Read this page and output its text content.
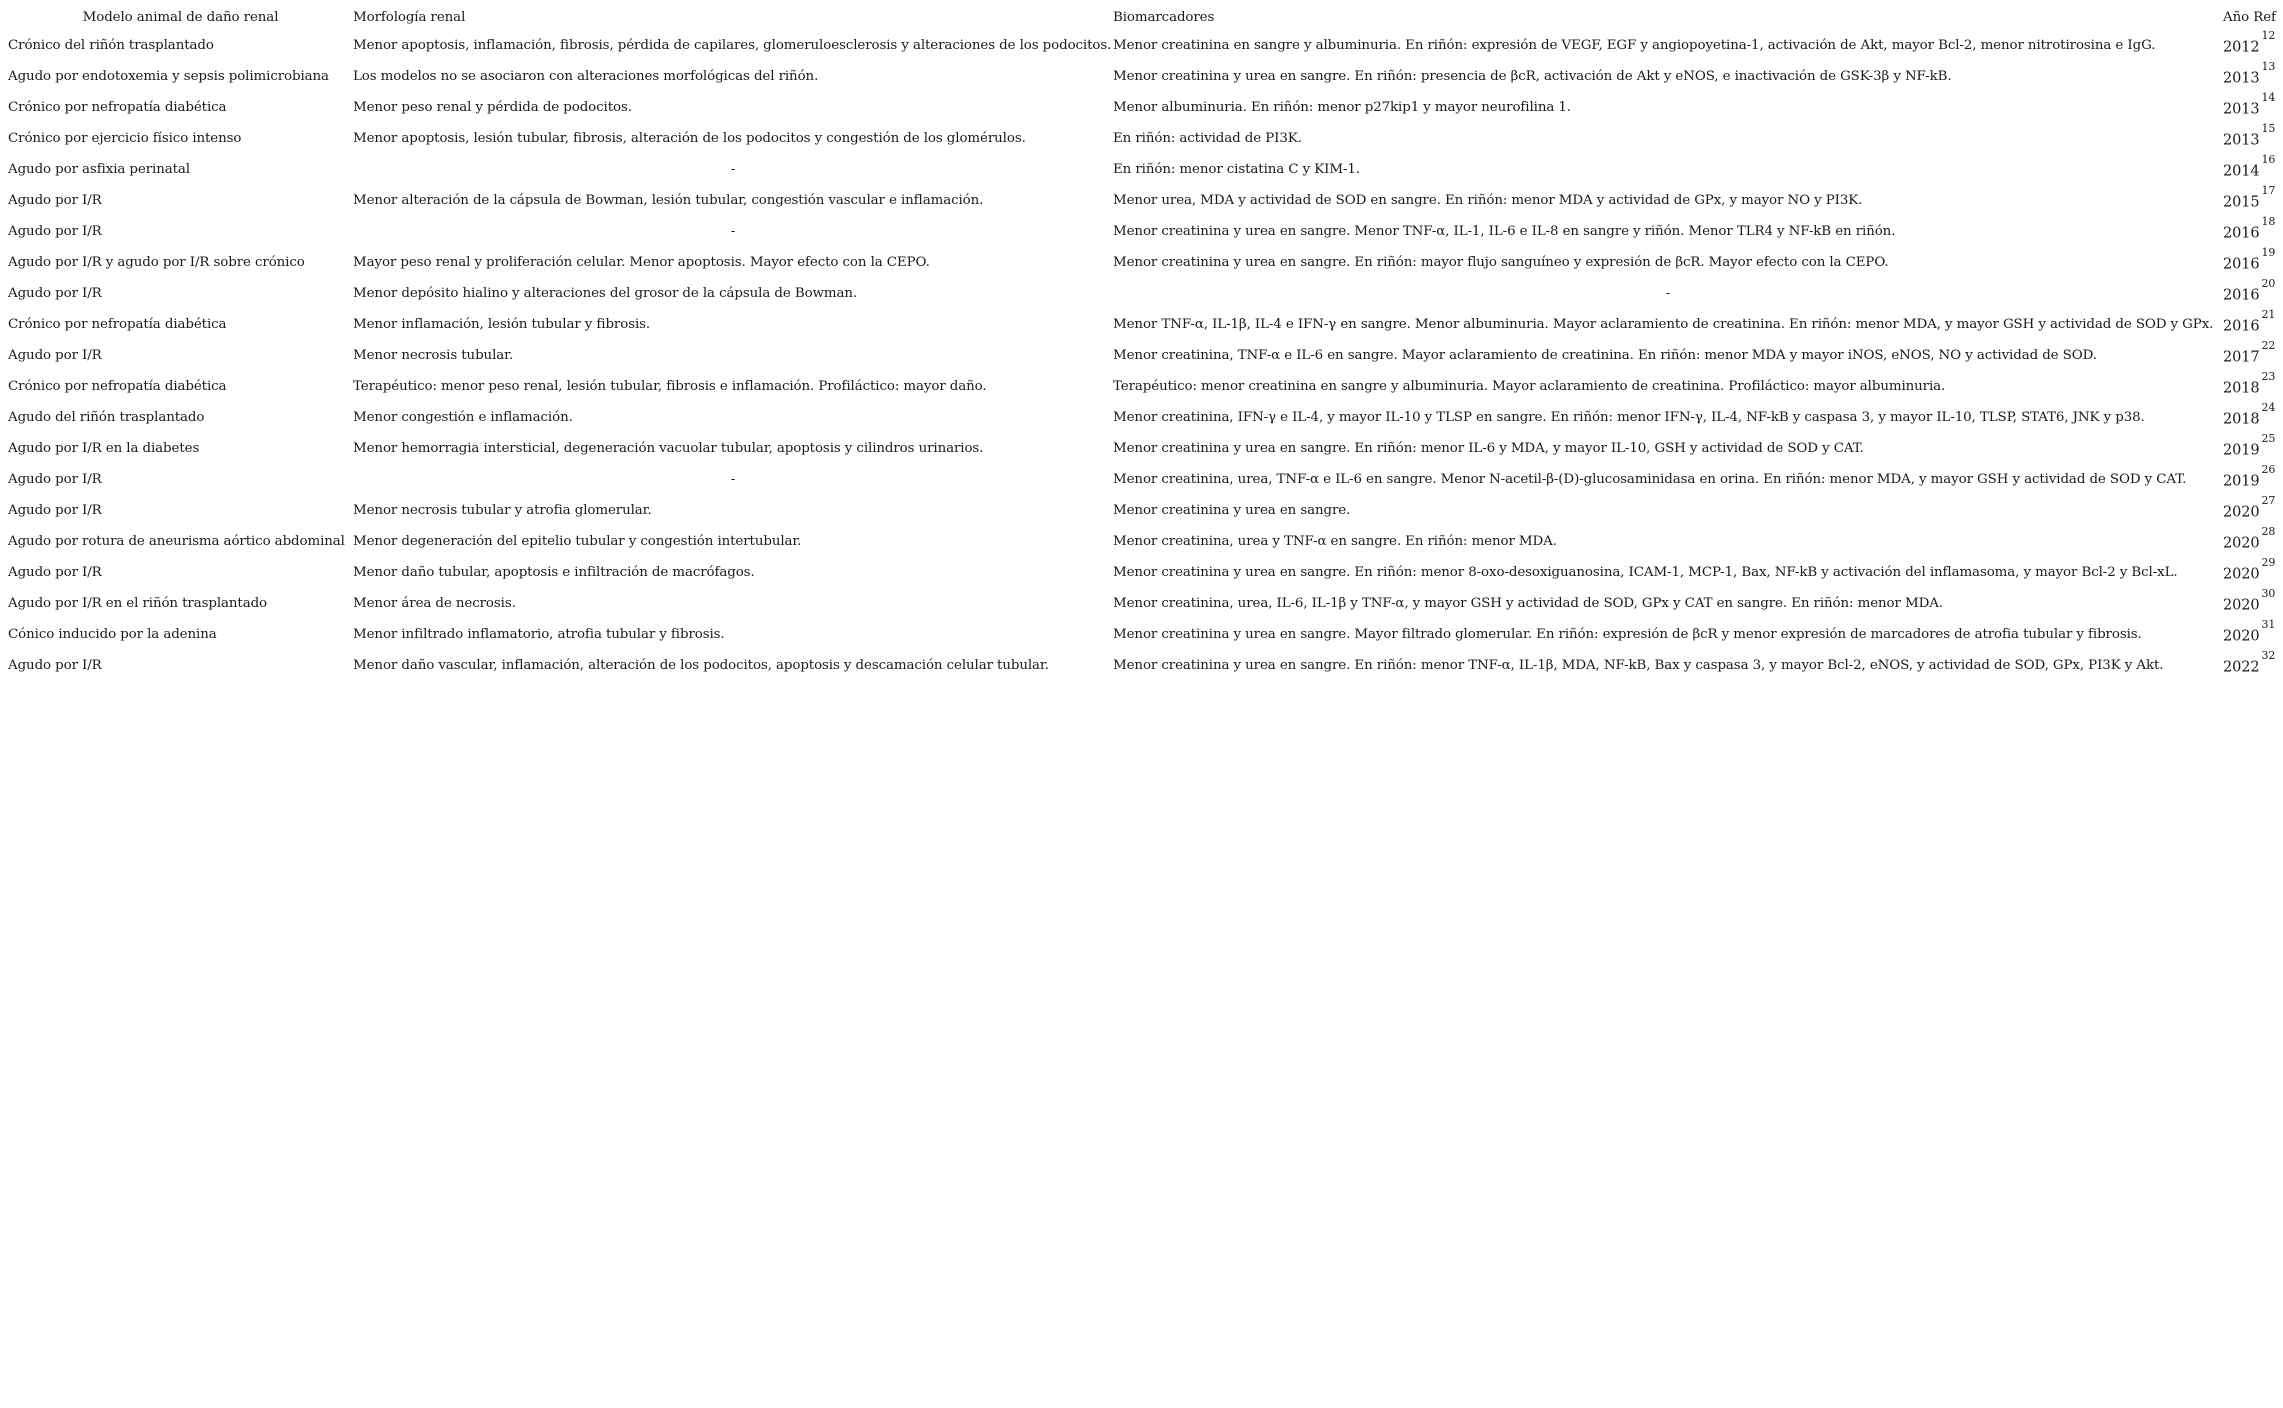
Modelo animal de daño renal	Morfología renal	Biomarcadores	Año Ref
Crónico del riñón trasplantado	Menor apoptosis, inflamación, fibrosis, pérdida de capilares, glomeruloesclerosis y alteraciones de los podocitos.	Menor creatinina en sangre y albuminuria. En riñón: expresión de VEGF, EGF y angiopoyetina-1, activación de Akt, mayor Bcl-2, menor nitrotirosina e IgG.	2012$^{12}$
Agudo por endotoxemia y sepsis polimicrobiana	Los modelos no se asociaron con alteraciones morfológicas del riñón.	Menor creatinina y urea en sangre. En riñón: presencia de βcR, activación de Akt y eNOS, e inactivación de GSK-3β y NF-kB.	2013$^{13}$
Crónico por nefropatía diabética	Menor peso renal y pérdida de podocitos.	Menor albuminuria. En riñón: menor p27kip1 y mayor neurofilina 1.	2013$^{14}$
Crónico por ejercicio físico intenso	Menor apoptosis, lesión tubular, fibrosis, alteración de los podocitos y congestión de los glomérulos.	En riñón: actividad de PI3K.	2013$^{15}$
Agudo por asfixia perinatal	-	En riñón: menor cistatina C y KIM-1.	2014$^{16}$
Agudo por I/R	Menor alteración de la cápsula de Bowman, lesión tubular, congestión vascular e inflamación.	Menor urea, MDA y actividad de SOD en sangre. En riñón: menor MDA y actividad de GPx, y mayor NO y PI3K.	2015$^{17}$
Agudo por I/R	-	Menor creatinina y urea en sangre. Menor TNF-α, IL-1, IL-6 e IL-8 en sangre y riñón. Menor TLR4 y NF-kB en riñón.	2016$^{18}$
Agudo por I/R y agudo por I/R sobre crónico	Mayor peso renal y proliferación celular. Menor apoptosis. Mayor efecto con la CEPO.	Menor creatinina y urea en sangre. En riñón: mayor flujo sanguíneo y expresión de βcR. Mayor efecto con la CEPO.	2016$^{19}$
Agudo por I/R	Menor depósito hialino y alteraciones del grosor de la cápsula de Bowman.	-	2016$^{20}$
Crónico por nefropatía diabética	Menor inflamación, lesión tubular y fibrosis.	Menor TNF-α, IL-1β, IL-4 e IFN-γ en sangre. Menor albuminuria. Mayor aclaramiento de creatinina. En riñón: menor MDA, y mayor GSH y actividad de SOD y GPx.	2016$^{21}$
Agudo por I/R	Menor necrosis tubular.	Menor creatinina, TNF-α e IL-6 en sangre. Mayor aclaramiento de creatinina. En riñón: menor MDA y mayor iNOS, eNOS, NO y actividad de SOD.	2017$^{22}$
Crónico por nefropatía diabética	Terapéutico: menor peso renal, lesión tubular, fibrosis e inflamación. Profiláctico: mayor daño.	Terapéutico: menor creatinina en sangre y albuminuria. Mayor aclaramiento de creatinina. Profiláctico: mayor albuminuria.	2018$^{23}$
Agudo del riñón trasplantado	Menor congestión e inflamación.	Menor creatinina, IFN-γ e IL-4, y mayor IL-10 y TLSP en sangre. En riñón: menor IFN-γ, IL-4, NF-kB y caspasa 3, y mayor IL-10, TLSP, STAT6, JNK y p38.	2018$^{24}$
Agudo por I/R en la diabetes	Menor hemorragia intersticial, degeneración vacuolar tubular, apoptosis y cilindros urinarios.	Menor creatinina y urea en sangre. En riñón: menor IL-6 y MDA, y mayor IL-10, GSH y actividad de SOD y CAT.	2019$^{25}$
Agudo por I/R	-	Menor creatinina, urea, TNF-α e IL-6 en sangre. Menor N-acetil-β-(D)-glucosaminidasa en orina. En riñón: menor MDA, y mayor GSH y actividad de SOD y CAT.	2019$^{26}$
Agudo por I/R	Menor necrosis tubular y atrofia glomerular.	Menor creatinina y urea en sangre.	2020$^{27}$
Agudo por rotura de aneurisma aórtico abdominal	Menor degeneración del epitelio tubular y congestión intertubular.	Menor creatinina, urea y TNF-α en sangre. En riñón: menor MDA.	2020$^{28}$
Agudo por I/R	Menor daño tubular, apoptosis e infiltración de macrófagos.	Menor creatinina y urea en sangre. En riñón: menor 8-oxo-desoxiguanosina, ICAM-1, MCP-1, Bax, NF-kB y activación del inflamasoma, y mayor Bcl-2 y Bcl-xL.	2020$^{29}$
Agudo por I/R en el riñón trasplantado	Menor área de necrosis.	Menor creatinina, urea, IL-6, IL-1β y TNF-α, y mayor GSH y actividad de SOD, GPx y CAT en sangre. En riñón: menor MDA.	2020$^{30}$
Cónico inducido por la adenina	Menor infiltrado inflamatorio, atrofia tubular y fibrosis.	Menor creatinina y urea en sangre. Mayor filtrado glomerular. En riñón: expresión de βcR y menor expresión de marcadores de atrofia tubular y fibrosis.	2020$^{31}$
Agudo por I/R	Menor daño vascular, inflamación, alteración de los podocitos, apoptosis y descamación celular tubular.	Menor creatinina y urea en sangre. En riñón: menor TNF-α, IL-1β, MDA, NF-kB, Bax y caspasa 3, y mayor Bcl-2, eNOS, y actividad de SOD, GPx, PI3K y Akt.	2022$^{32}$
